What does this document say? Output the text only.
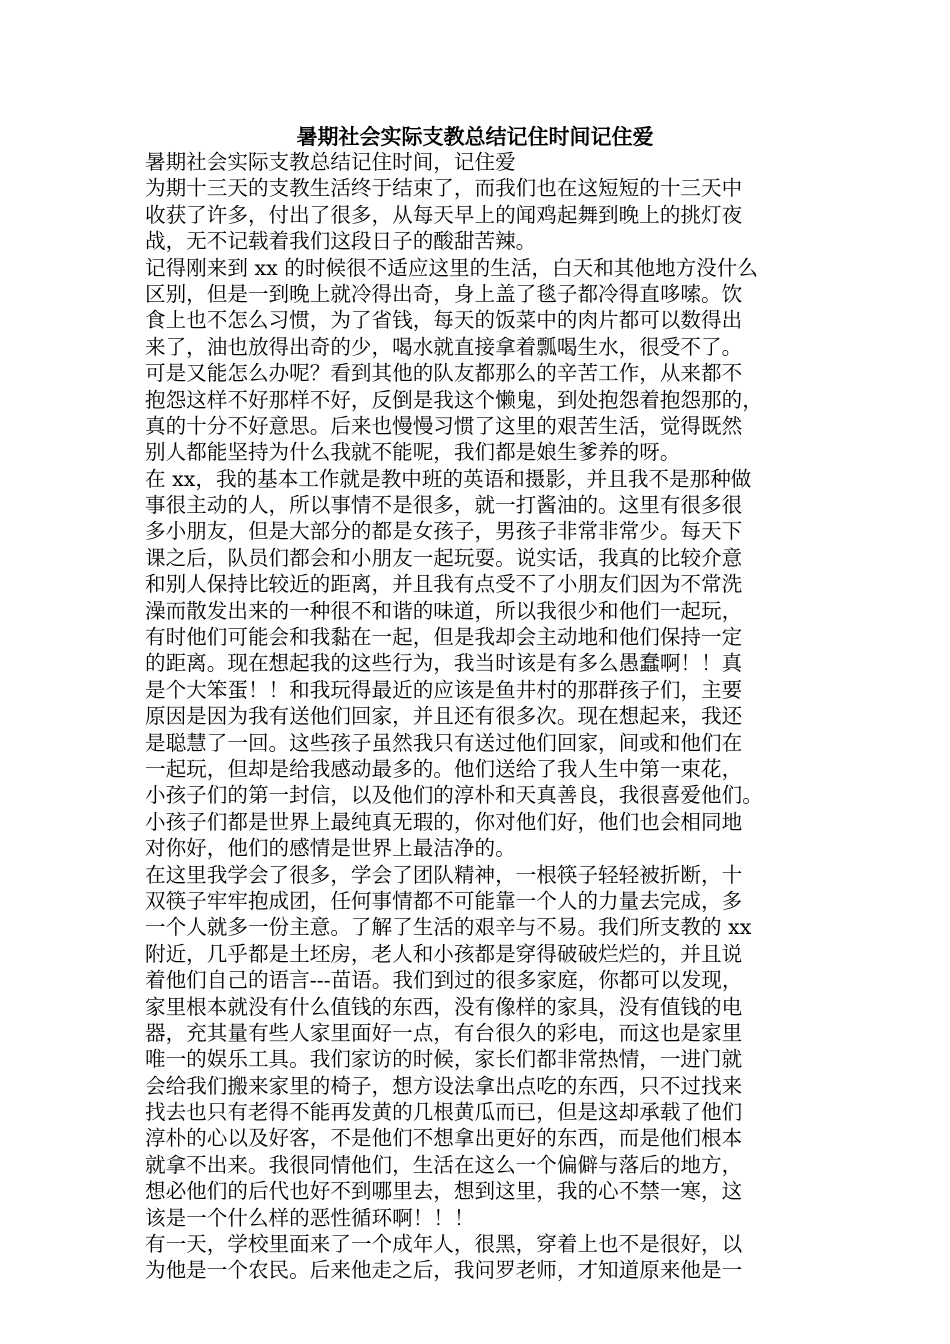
暑期社会实际支教总结记住时间记住爱
暑期社会实际支教总结记住时间，记住爱
为期十三天的支教生活终于结束了，而我们也在这短短的十三天中
收获了许多，付出了很多，从每天早上的闻鸡起舞到晚上的挑灯夜
战，无不记载着我们这段日子的酸甜苦辣。
记得刚来到 xx 的时候很不适应这里的生活，白天和其他地方没什么
区别，但是一到晚上就冷得出奇，身上盖了毯子都冷得直哆嗦。饮
食上也不怎么习惯，为了省钱，每天的饭菜中的肉片都可以数得出
来了，油也放得出奇的少，喝水就直接拿着瓢喝生水，很受不了。
可是又能怎么办呢？看到其他的队友都那么的辛苦工作，从来都不
抱怨这样不好那样不好，反倒是我这个懒鬼，到处抱怨着抱怨那的，
真的十分不好意思。后来也慢慢习惯了这里的艰苦生活，觉得既然
别人都能坚持为什么我就不能呢，我们都是娘生爹养的呀。
在 xx，我的基本工作就是教中班的英语和摄影，并且我不是那种做
事很主动的人，所以事情不是很多，就一打酱油的。这里有很多很
多小朋友，但是大部分的都是女孩子，男孩子非常非常少。每天下
课之后，队员们都会和小朋友一起玩耍。说实话，我真的比较介意
和别人保持比较近的距离，并且我有点受不了小朋友们因为不常洗
澡而散发出来的一种很不和谐的味道，所以我很少和他们一起玩，
有时他们可能会和我黏在一起，但是我却会主动地和他们保持一定
的距离。现在想起我的这些行为，我当时该是有多么愚蠢啊！！真
是个大笨蛋！！和我玩得最近的应该是鱼井村的那群孩子们，主要
原因是因为我有送他们回家，并且还有很多次。现在想起来，我还
是聪慧了一回。这些孩子虽然我只有送过他们回家，间或和他们在
一起玩，但却是给我感动最多的。他们送给了我人生中第一束花，
小孩子们的第一封信，以及他们的淳朴和天真善良，我很喜爱他们。
小孩子们都是世界上最纯真无瑕的，你对他们好，他们也会相同地
对你好，他们的感情是世界上最洁净的。
在这里我学会了很多，学会了团队精神，一根筷子轻轻被折断，十
双筷子牢牢抱成团，任何事情都不可能靠一个人的力量去完成，多
一个人就多一份主意。了解了生活的艰辛与不易。我们所支教的 xx
附近，几乎都是土坯房，老人和小孩都是穿得破破烂烂的，并且说
着他们自己的语言---苗语。我们到过的很多家庭，你都可以发现，
家里根本就没有什么值钱的东西，没有像样的家具，没有值钱的电
器，充其量有些人家里面好一点，有台很久的彩电，而这也是家里
唯一的娱乐工具。我们家访的时候，家长们都非常热情，一进门就
会给我们搬来家里的椅子，想方设法拿出点吃的东西，只不过找来
找去也只有老得不能再发黄的几根黄瓜而已，但是这却承载了他们
淳朴的心以及好客，不是他们不想拿出更好的东西，而是他们根本
就拿不出来。我很同情他们，生活在这么一个偏僻与落后的地方，
想必他们的后代也好不到哪里去，想到这里，我的心不禁一寒，这
该是一个什么样的恶性循环啊！！！
有一天，学校里面来了一个成年人，很黑，穿着上也不是很好，以
为他是一个农民。后来他走之后，我问罗老师，才知道原来他是一
